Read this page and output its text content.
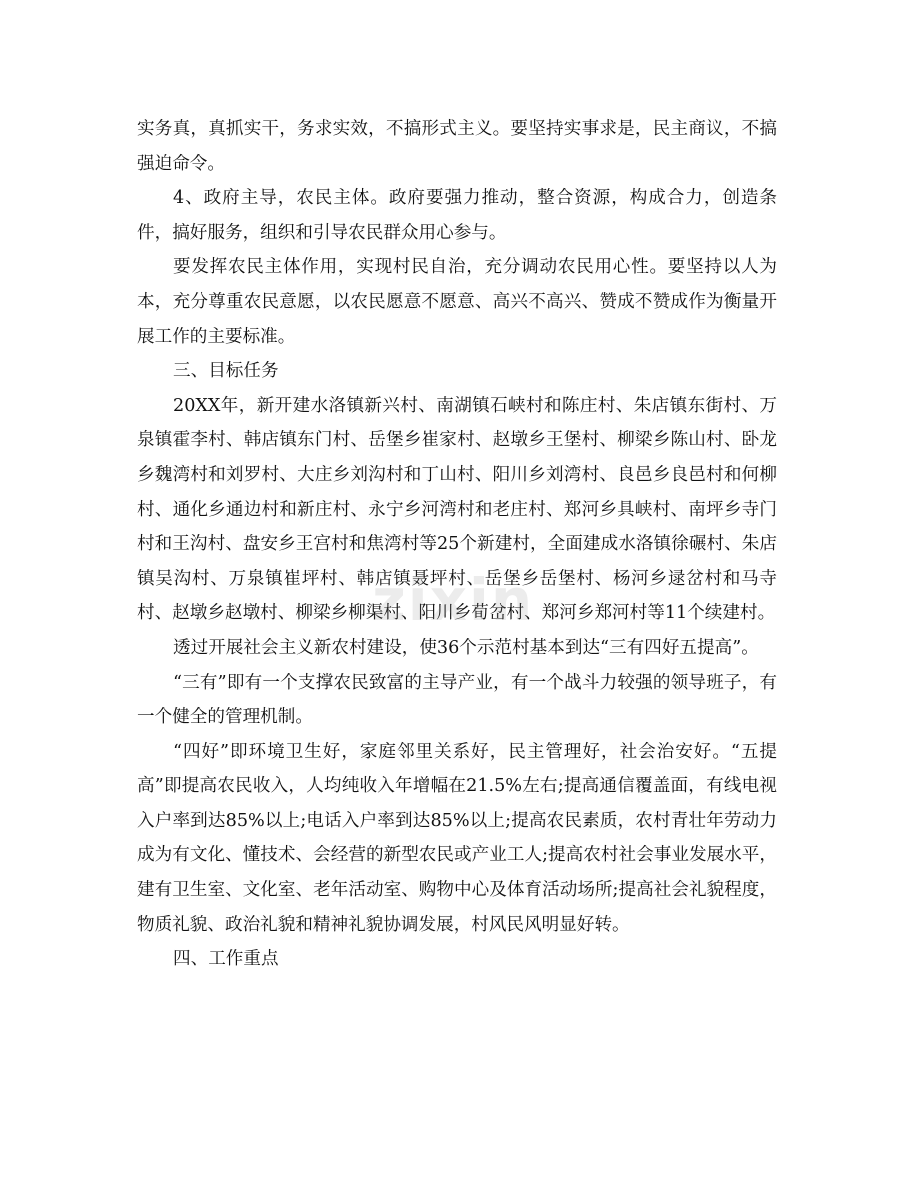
实务真，真抓实干，务求实效，不搞形式主义。要坚持实事求是，民主商议，不搞强迫命令。

4、政府主导，农民主体。政府要强力推动，整合资源，构成合力，创造条件，搞好服务，组织和引导农民群众用心参与。

要发挥农民主体作用，实现村民自治，充分调动农民用心性。要坚持以人为本，充分尊重农民意愿，以农民愿意不愿意、高兴不高兴、赞成不赞成作为衡量开展工作的主要标准。

三、目标任务

20XX年，新开建水洛镇新兴村、南湖镇石峡村和陈庄村、朱店镇东街村、万泉镇霍李村、韩店镇东门村、岳堡乡崔家村、赵墩乡王堡村、柳梁乡陈山村、卧龙乡魏湾村和刘罗村、大庄乡刘沟村和丁山村、阳川乡刘湾村、良邑乡良邑村和何柳村、通化乡通边村和新庄村、永宁乡河湾村和老庄村、郑河乡具峡村、南坪乡寺门村和王沟村、盘安乡王宫村和焦湾村等25个新建村，全面建成水洛镇徐碾村、朱店镇吴沟村、万泉镇崔坪村、韩店镇聂坪村、岳堡乡岳堡村、杨河乡逯岔村和马寺村、赵墩乡赵墩村、柳梁乡柳渠村、阳川乡荀岔村、郑河乡郑河村等11个续建村。

透过开展社会主义新农村建设，使36个示范村基本到达“三有四好五提高”。

“三有”即有一个支撑农民致富的主导产业，有一个战斗力较强的领导班子，有一个健全的管理机制。

“四好”即环境卫生好，家庭邻里关系好，民主管理好，社会治安好。“五提高”即提高农民收入，人均纯收入年增幅在21.5%左右;提高通信覆盖面，有线电视入户率到达85%以上;电话入户率到达85%以上;提高农民素质，农村青壮年劳动力成为有文化、懂技术、会经营的新型农民或产业工人;提高农村社会事业发展水平，建有卫生室、文化室、老年活动室、购物中心及体育活动场所;提高社会礼貌程度，物质礼貌、政治礼貌和精神礼貌协调发展，村风民风明显好转。

四、工作重点

zixin
